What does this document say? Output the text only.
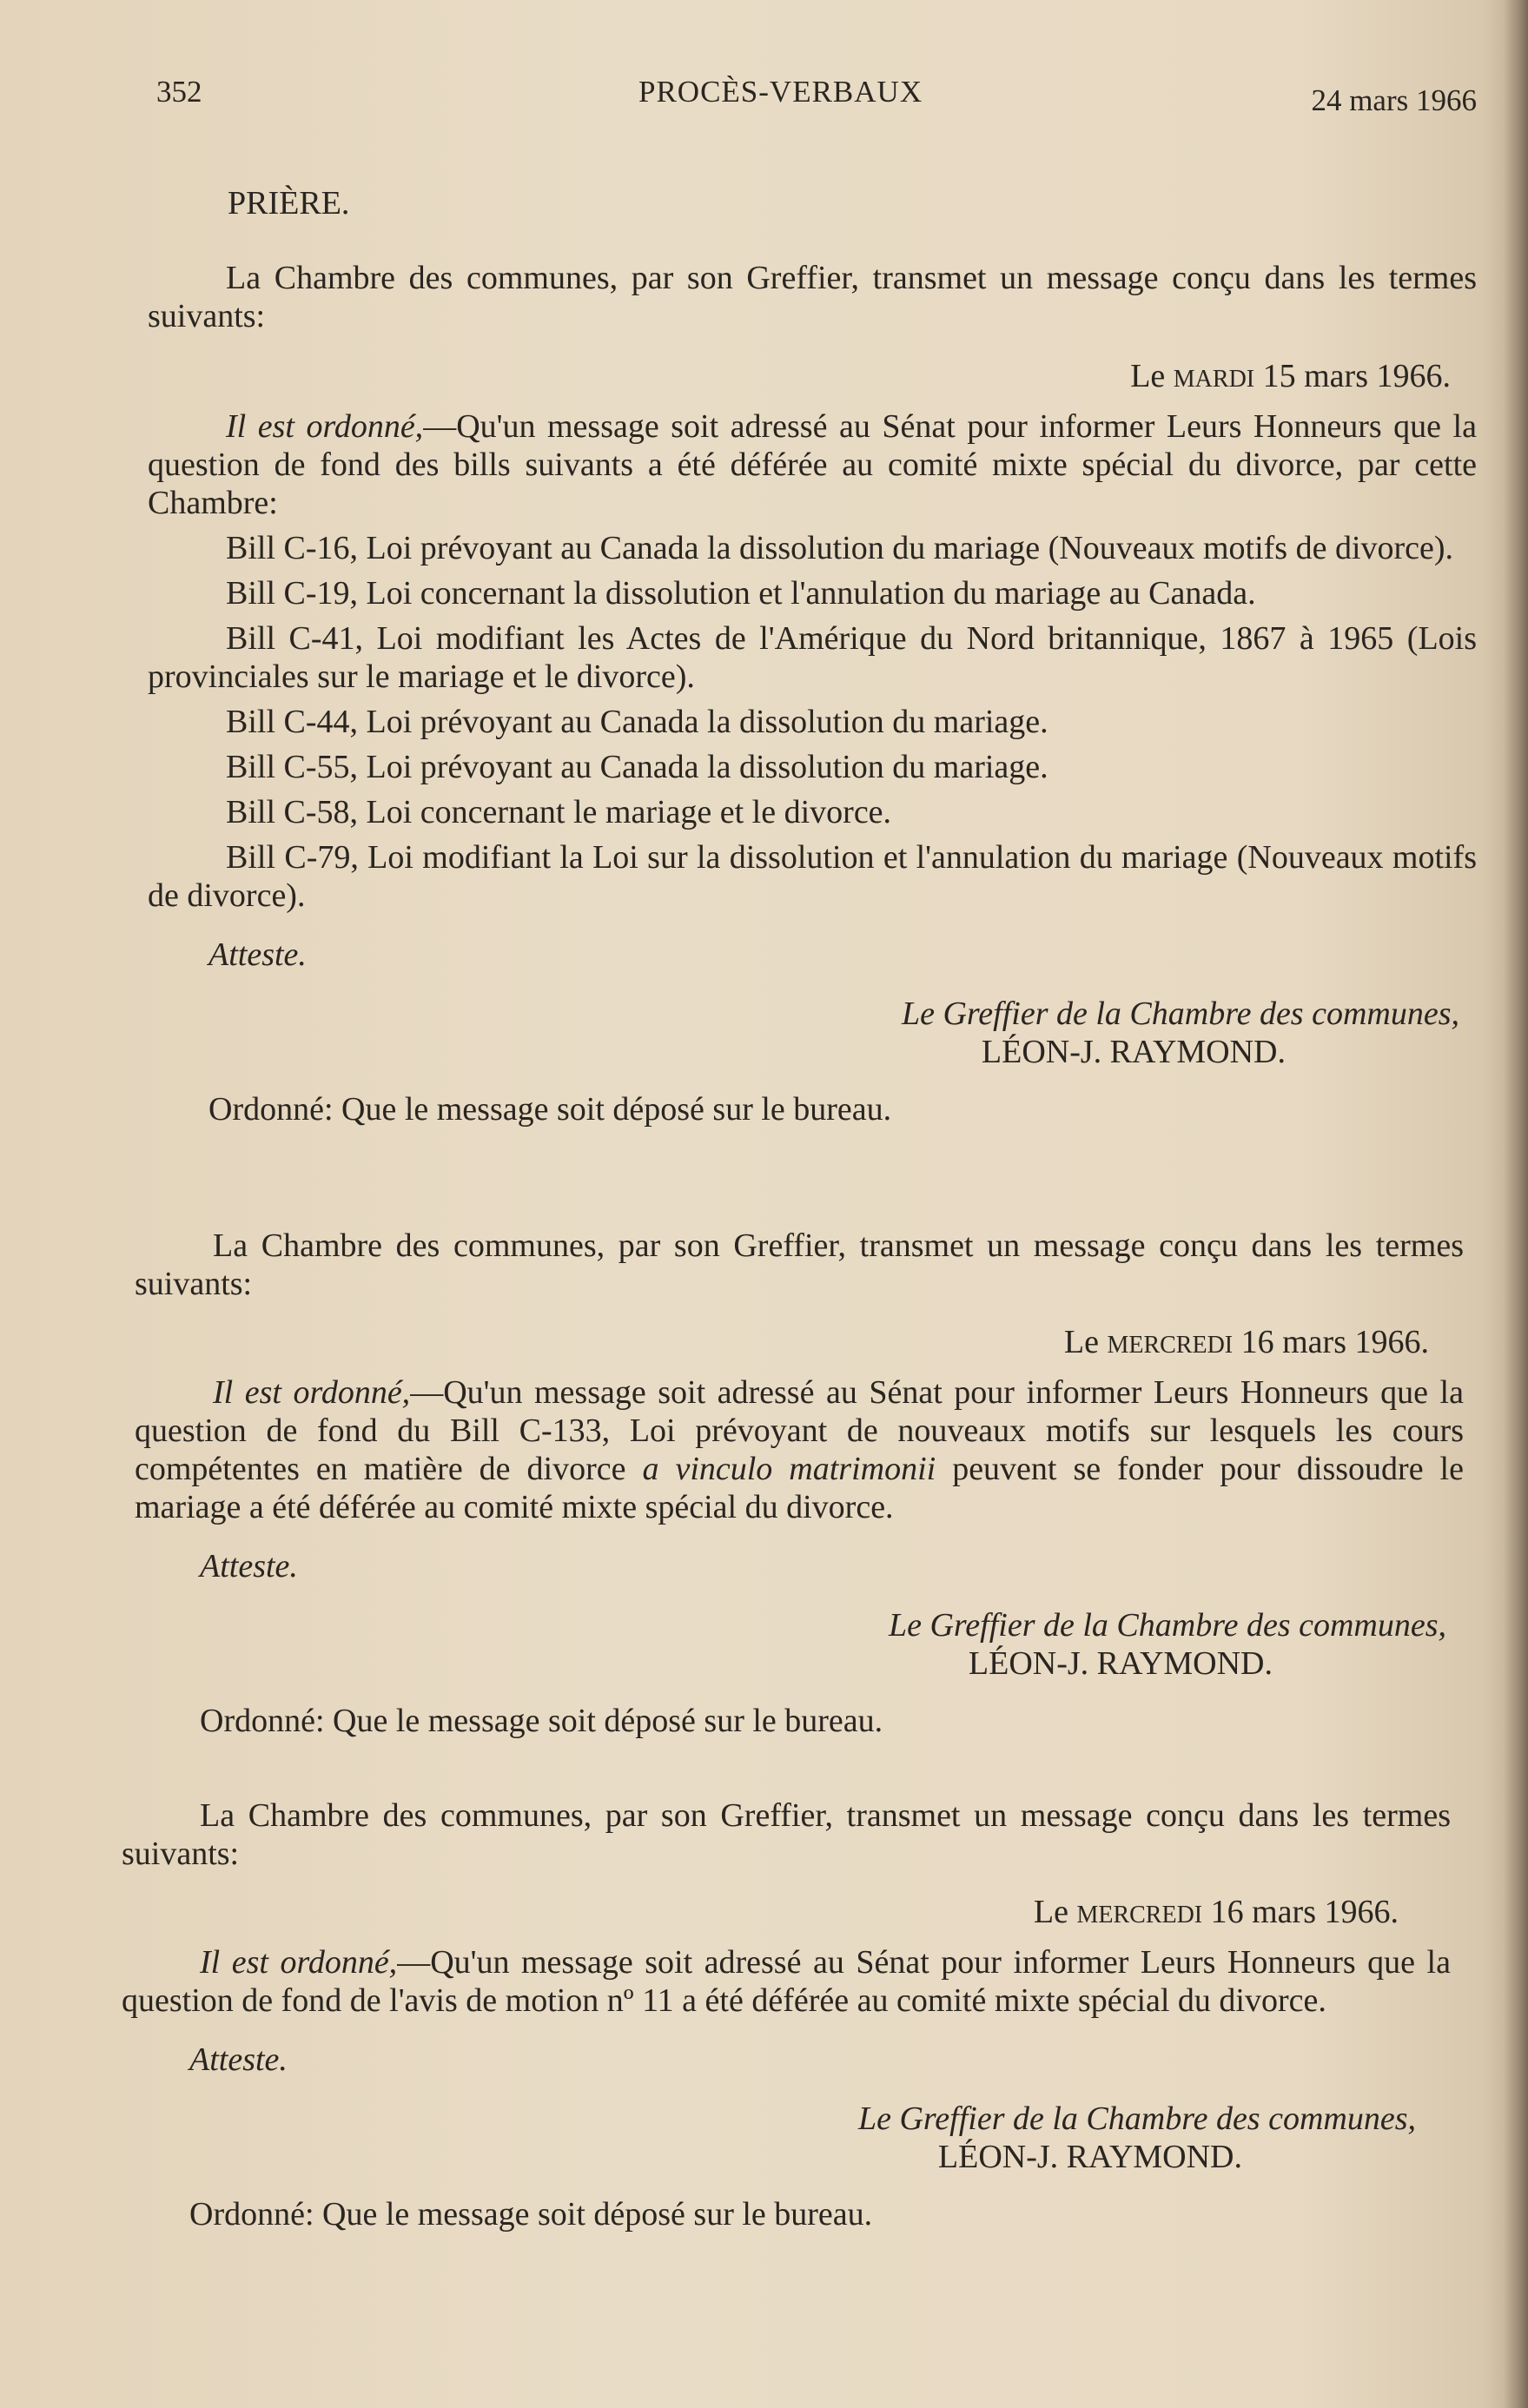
352	PROCÈS-VERBAUX	24 mars 1966

PRIÈRE.

La Chambre des communes, par son Greffier, transmet un message conçu dans les termes suivants:

Le mardi 15 mars 1966.

Il est ordonné,—Qu'un message soit adressé au Sénat pour informer Leurs Honneurs que la question de fond des bills suivants a été déférée au comité mixte spécial du divorce, par cette Chambre:

Bill C-16, Loi prévoyant au Canada la dissolution du mariage (Nouveaux motifs de divorce).

Bill C-19, Loi concernant la dissolution et l'annulation du mariage au Canada.

Bill C-41, Loi modifiant les Actes de l'Amérique du Nord britannique, 1867 à 1965 (Lois provinciales sur le mariage et le divorce).

Bill C-44, Loi prévoyant au Canada la dissolution du mariage.

Bill C-55, Loi prévoyant au Canada la dissolution du mariage.

Bill C-58, Loi concernant le mariage et le divorce.

Bill C-79, Loi modifiant la Loi sur la dissolution et l'annulation du mariage (Nouveaux motifs de divorce).

Atteste.

Le Greffier de la Chambre des communes,

LÉON-J. RAYMOND.

Ordonné: Que le message soit déposé sur le bureau.

La Chambre des communes, par son Greffier, transmet un message conçu dans les termes suivants:

Le mercredi 16 mars 1966.

Il est ordonné,—Qu'un message soit adressé au Sénat pour informer Leurs Honneurs que la question de fond du Bill C-133, Loi prévoyant de nouveaux motifs sur lesquels les cours compétentes en matière de divorce a vinculo matrimonii peuvent se fonder pour dissoudre le mariage a été déférée au comité mixte spécial du divorce.

Atteste.

Le Greffier de la Chambre des communes,

LÉON-J. RAYMOND.

Ordonné: Que le message soit déposé sur le bureau.

La Chambre des communes, par son Greffier, transmet un message conçu dans les termes suivants:

Le mercredi 16 mars 1966.

Il est ordonné,—Qu'un message soit adressé au Sénat pour informer Leurs Honneurs que la question de fond de l'avis de motion nº 11 a été déférée au comité mixte spécial du divorce.

Atteste.

Le Greffier de la Chambre des communes,

LÉON-J. RAYMOND.

Ordonné: Que le message soit déposé sur le bureau.
